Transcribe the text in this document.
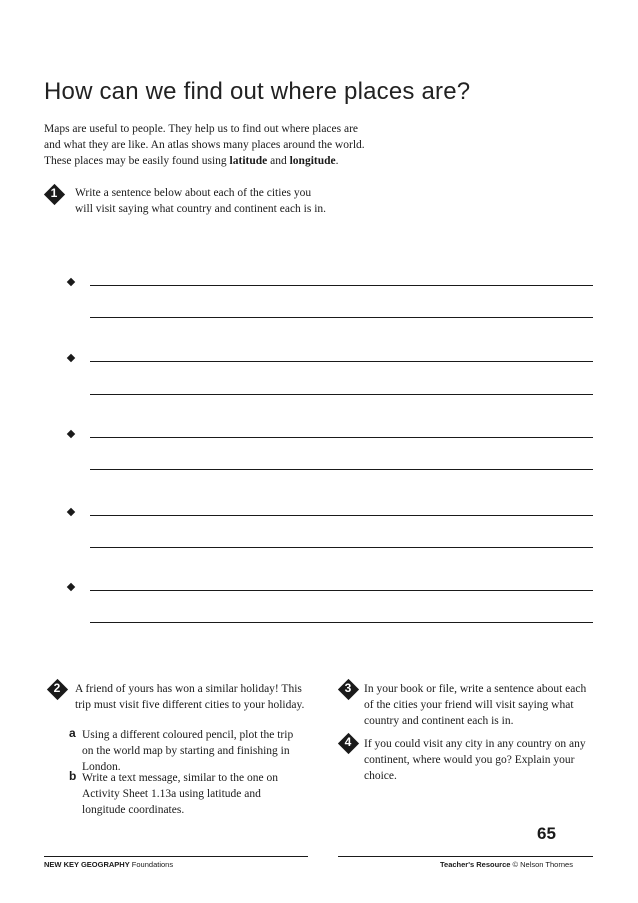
How can we find out where places are?
Maps are useful to people. They help us to find out where places are and what they are like. An atlas shows many places around the world. These places may be easily found using latitude and longitude.
1	Write a sentence below about each of the cities you will visit saying what country and continent each is in.
2	A friend of yours has won a similar holiday! This trip must visit five different cities to your holiday.
a Using a different coloured pencil, plot the trip on the world map by starting and finishing in London.
b Write a text message, similar to the one on Activity Sheet 1.13a using latitude and longitude coordinates.
3	In your book or file, write a sentence about each of the cities your friend will visit saying what country and continent each is in.
4	If you could visit any city in any country on any continent, where would you go? Explain your choice.
65
NEW KEY GEOGRAPHY Foundations	Teacher's Resource © Nelson Thornes
